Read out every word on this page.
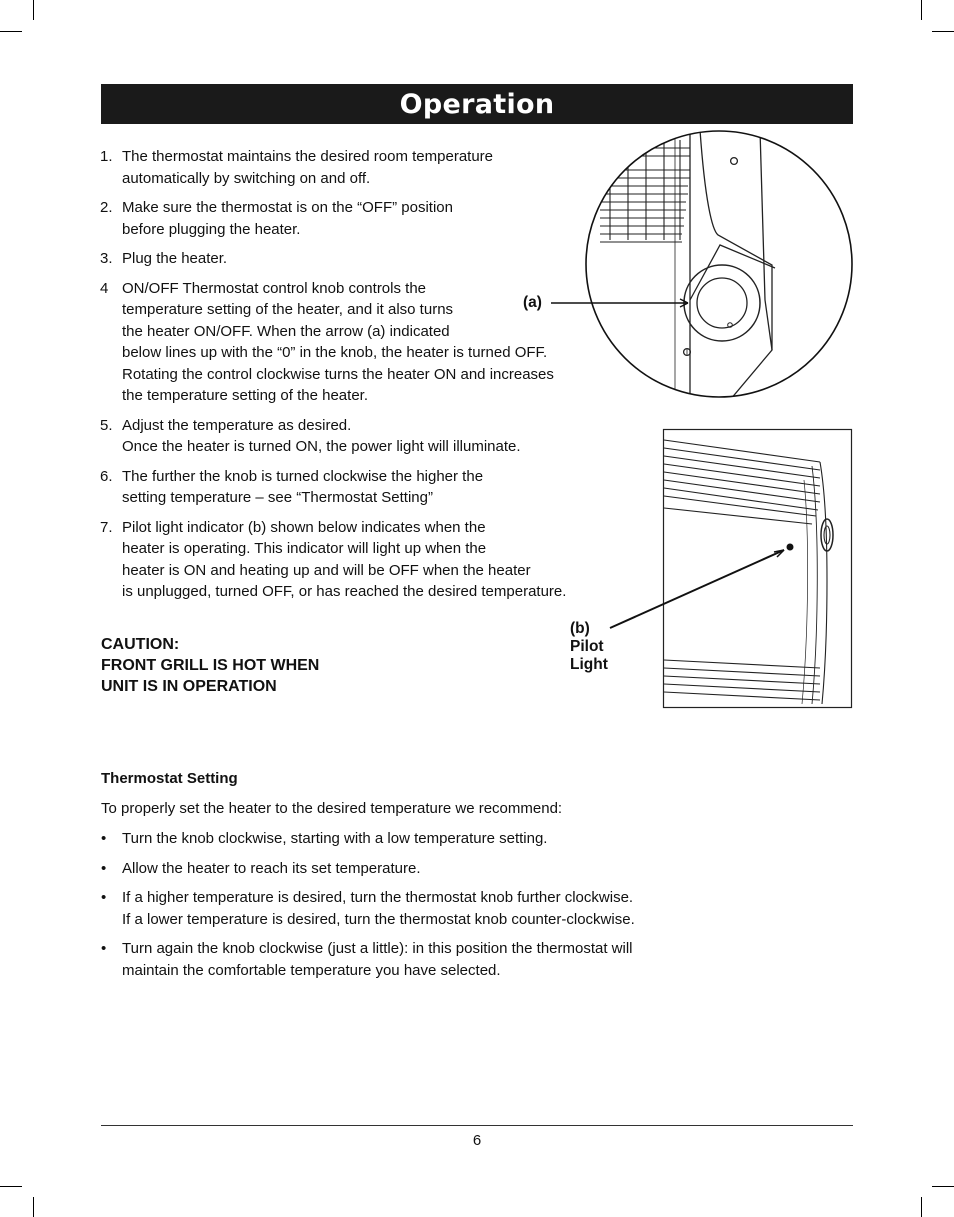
Operation
1. The thermostat maintains the desired room temperature
automatically by switching on and off.
2. Make sure the thermostat is on the “OFF” position
before plugging the heater.
3. Plug the heater.
4 ON/OFF Thermostat control knob controls the
temperature setting of the heater, and it also turns
the heater ON/OFF. When the arrow (a) indicated
below lines up with the “0” in the knob, the heater is turned OFF.
Rotating the control clockwise turns the heater ON and increases
the temperature setting of the heater.
5. Adjust the temperature as desired.
Once the heater is turned ON, the power light will illuminate.
6. The further the knob is turned clockwise the higher the
setting temperature – see “Thermostat Setting”
7. Pilot light indicator (b) shown below indicates when the
heater is operating. This indicator will light up when the
heater is ON and heating up and will be OFF when the heater
is unplugged, turned OFF, or has reached the desired temperature.
(a)
(b)
Pilot
Light
CAUTION:
FRONT GRILL IS HOT WHEN
UNIT IS IN OPERATION
Thermostat Setting

To properly set the heater to the desired temperature we recommend:

• Turn the knob clockwise, starting with a low temperature setting.
• Allow the heater to reach its set temperature.
• If a higher temperature is desired, turn the thermostat knob further clockwise.
If a lower temperature is desired, turn the thermostat knob counter-clockwise.
• Turn again the knob clockwise (just a little): in this position the thermostat will
maintain the comfortable temperature you have selected.
6
